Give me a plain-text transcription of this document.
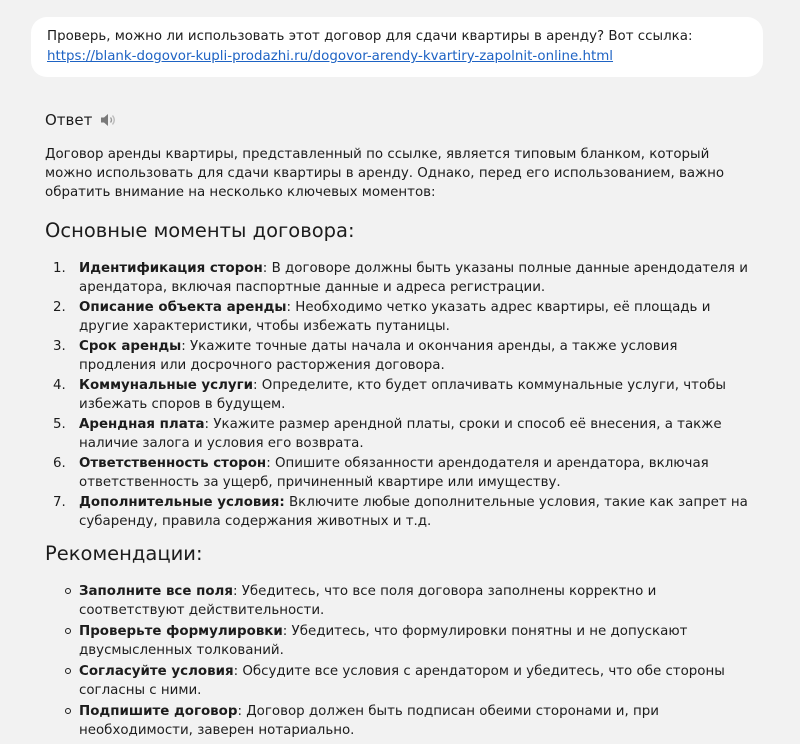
Проверь, можно ли использовать этот договор для сдачи квартиры в аренду? Вот ссылка: https://blank-dogovor-kupli-prodazhi.ru/dogovor-arendy-kvartiry-zapolnit-online.html
Ответ
Договор аренды квартиры, представленный по ссылке, является типовым бланком, который можно использовать для сдачи квартиры в аренду. Однако, перед его использованием, важно обратить внимание на несколько ключевых моментов:
Основные моменты договора:
1. Идентификация сторон: В договоре должны быть указаны полные данные арендодателя и арендатора, включая паспортные данные и адреса регистрации.
2. Описание объекта аренды: Необходимо четко указать адрес квартиры, её площадь и другие характеристики, чтобы избежать путаницы.
3. Срок аренды: Укажите точные даты начала и окончания аренды, а также условия продления или досрочного расторжения договора.
4. Коммунальные услуги: Определите, кто будет оплачивать коммунальные услуги, чтобы избежать споров в будущем.
5. Арендная плата: Укажите размер арендной платы, сроки и способ её внесения, а также наличие залога и условия его возврата.
6. Ответственность сторон: Опишите обязанности арендодателя и арендатора, включая ответственность за ущерб, причиненный квартире или имуществу.
7. Дополнительные условия: Включите любые дополнительные условия, такие как запрет на субаренду, правила содержания животных и т.д.
Рекомендации:
Заполните все поля: Убедитесь, что все поля договора заполнены корректно и соответствуют действительности.
Проверьте формулировки: Убедитесь, что формулировки понятны и не допускают двусмысленных толкований.
Согласуйте условия: Обсудите все условия с арендатором и убедитесь, что обе стороны согласны с ними.
Подпишите договор: Договор должен быть подписан обеими сторонами и, при необходимости, заверен нотариально.
